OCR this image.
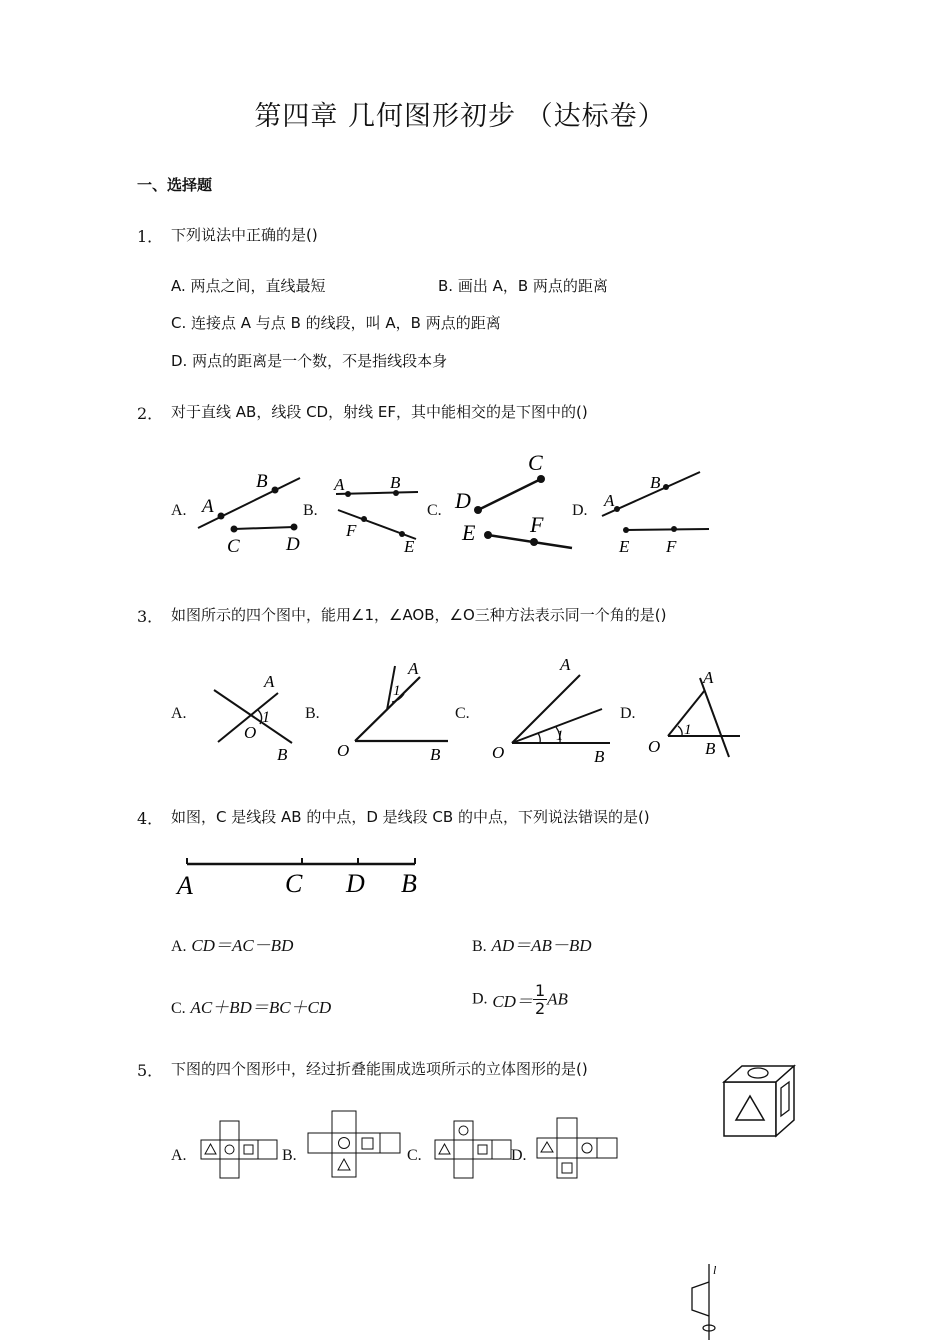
第四章 几何图形初步 （达标卷）
一、选择题
1． 下列说法中正确的是()
A. 两点之间，直线最短	B. 画出 A，B 两点的距离
C. 连接点 A 与点 B 的线段，叫 A，B 两点的距离
D. 两点的距离是一个数，不是指线段本身
2． 对于直线 AB，线段 CD，射线 EF，其中能相交的是下图中的()
A.	B.	C.	D.
A
B
C D
A	B
F
E
C
D
E F
A
B
E F
3． 如图所示的四个图中，能用∠1，∠AOB，∠O三种方法表示同一个角的是()
A.	B.	C.	D.
A
O
B
1
A
O	B
1
A
O	B
1
A
O	B
1
4． 如图，C 是线段 AB 的中点，D 是线段 CB 的中点，下列说法错误的是()
A	C D B
A. CD＝AC－BD	B. AD＝AB－BD
C. AC＋BD＝BC＋CD	D. $CD= \frac{1}{2}$ AB
5． 下图的四个图形中，经过折叠能围成选项所示的立体图形的是()
A.	B.	C.	D.
l
